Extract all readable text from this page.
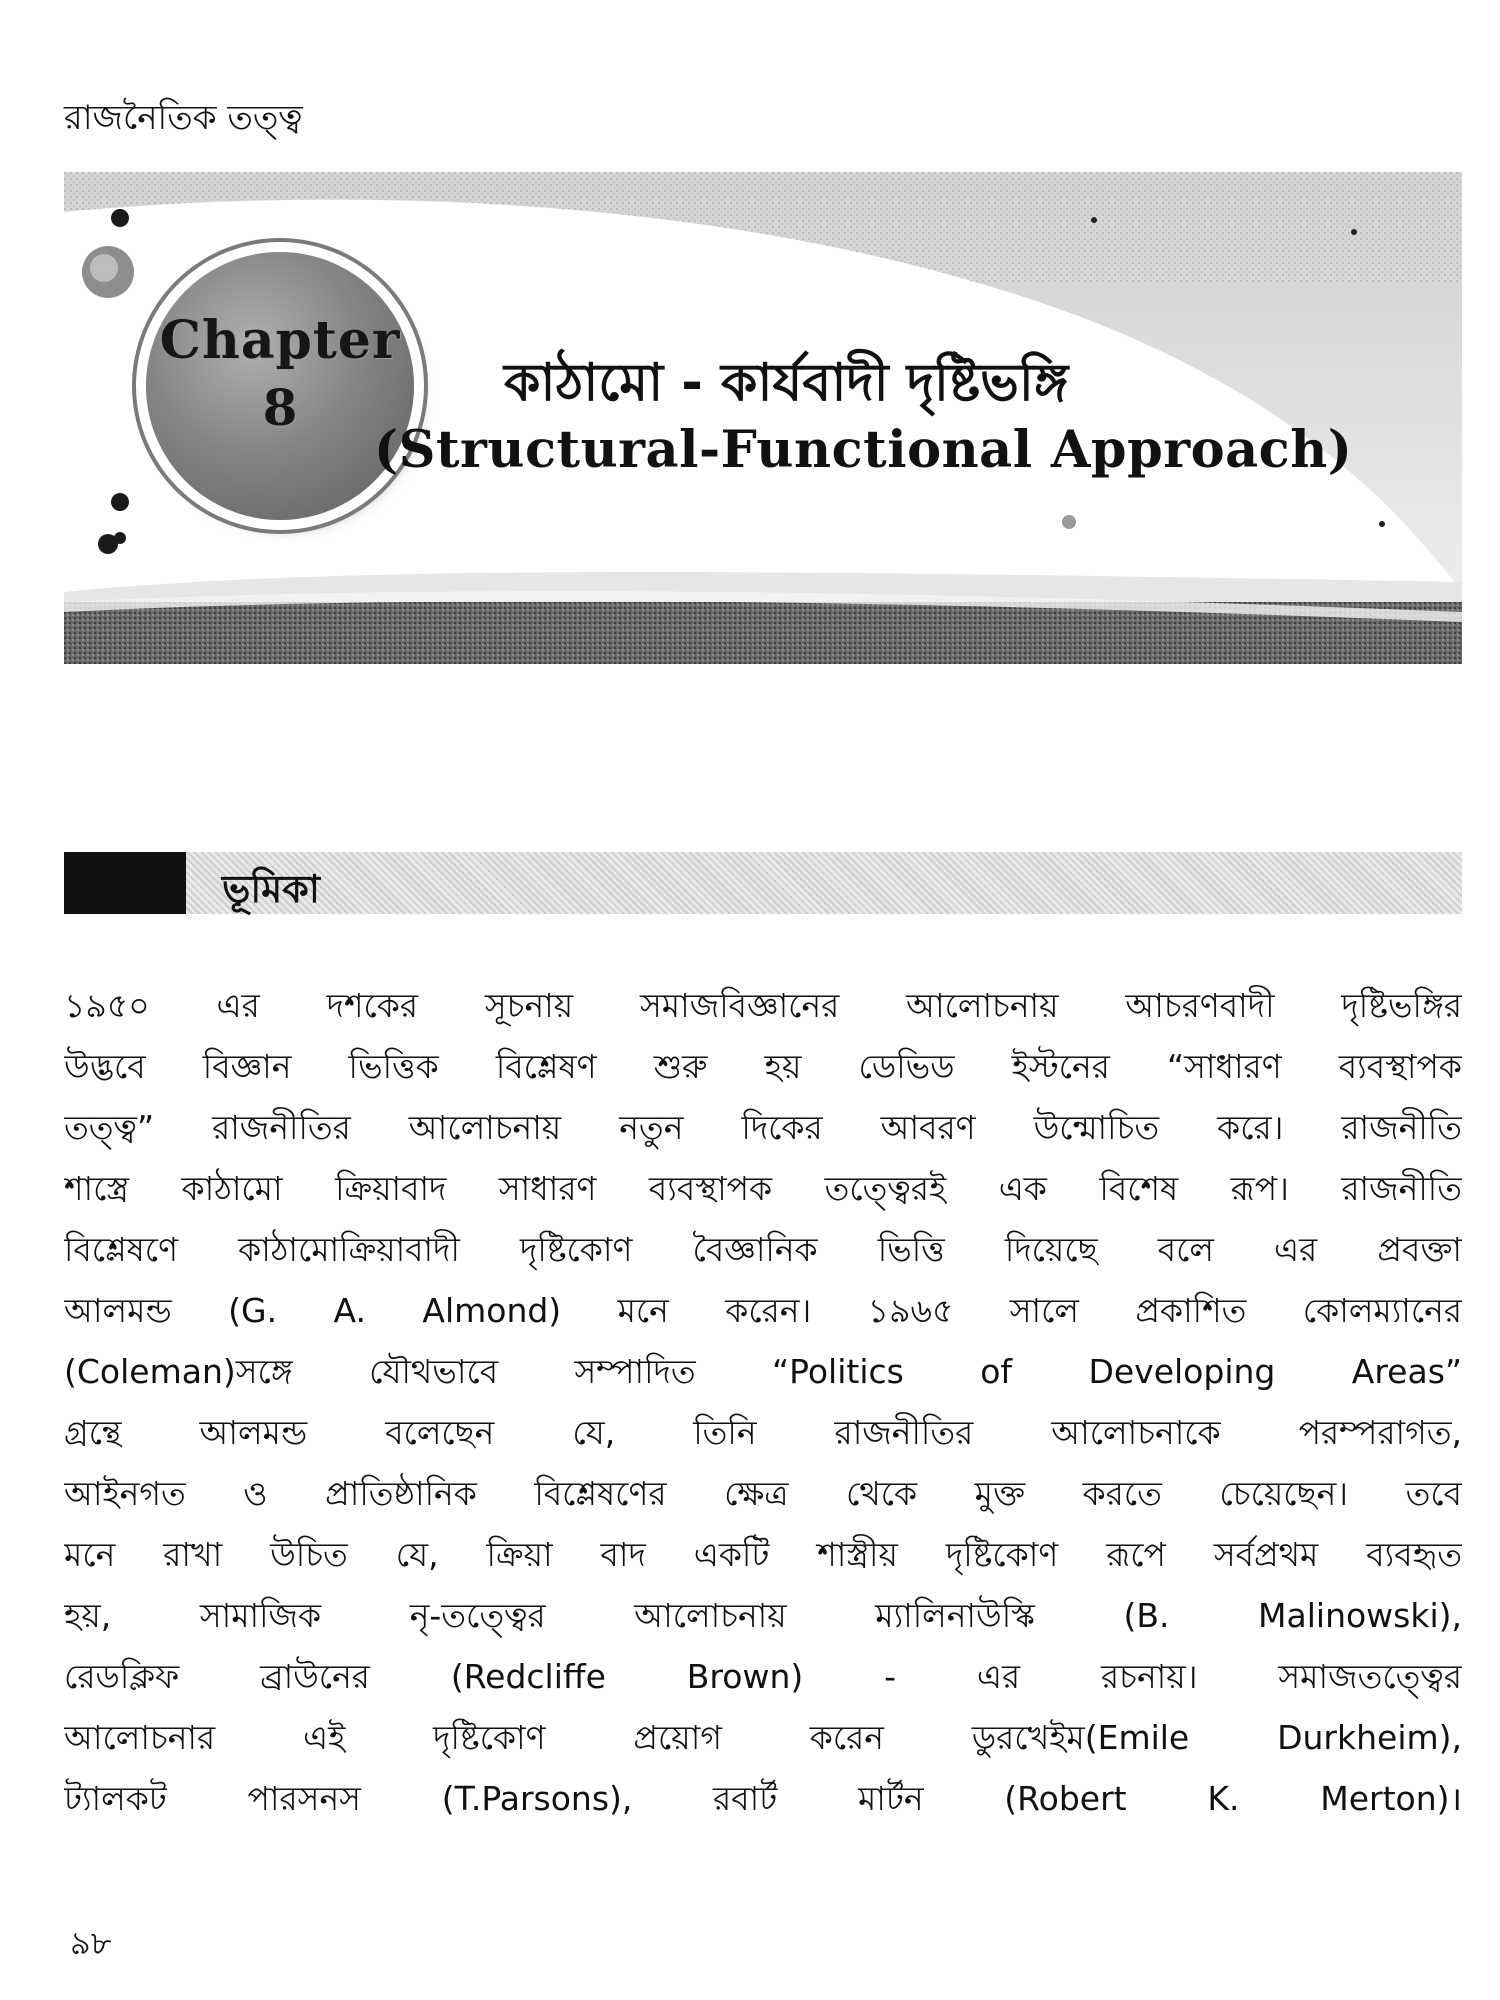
রাজনৈতিক তত্ত্ব
Chapter
8	কাঠামো - কার্যবাদী দৃষ্টিভঙ্গি
(Structural-Functional Approach)
ভূমিকা
১৯৫০ এর দশকের সূচনায় সমাজবিজ্ঞানের আলোচনায় আচরণবাদী দৃষ্টিভঙ্গির
উদ্ভবে বিজ্ঞান ভিত্তিক বিশ্লেষণ শুরু হয় ডেভিড ইস্টনের “সাধারণ ব্যবস্থাপক
তত্ত্ব” রাজনীতির আলোচনায় নতুন দিকের আবরণ উন্মোচিত করে। রাজনীতি
শাস্ত্রে কাঠামো ক্রিয়াবাদ সাধারণ ব্যবস্থাপক তত্ত্বেরই এক বিশেষ রূপ। রাজনীতি
বিশ্লেষণে কাঠামোক্রিয়াবাদী দৃষ্টিকোণ বৈজ্ঞানিক ভিত্তি দিয়েছে বলে এর প্রবক্তা
আলমন্ড (G. A. Almond) মনে করেন। ১৯৬৫ সালে প্রকাশিত কোলম্যানের
(Coleman)সঙ্গে যৌথভাবে সম্পাদিত “Politics of Developing Areas”
গ্রন্থে আলমন্ড বলেছেন যে, তিনি রাজনীতির আলোচনাকে পরম্পরাগত,
আইনগত ও প্রাতিষ্ঠানিক বিশ্লেষণের ক্ষেত্র থেকে মুক্ত করতে চেয়েছেন। তবে
মনে রাখা উচিত যে, ক্রিয়া বাদ একটি শাস্ত্রীয় দৃষ্টিকোণ রূপে সর্বপ্রথম ব্যবহৃত
হয়, সামাজিক নৃ-তত্ত্বের আলোচনায় ম্যালিনাউস্কি (B. Malinowski),
রেডক্লিফ ব্রাউনের (Redcliffe Brown) - এর রচনায়। সমাজতত্ত্বের
আলোচনার এই দৃষ্টিকোণ প্রয়োগ করেন ডুরখেইম(Emile Durkheim),
ট্যালকট পারসনস (T.Parsons), রবার্ট মার্টন (Robert K. Merton)।
৯৮
